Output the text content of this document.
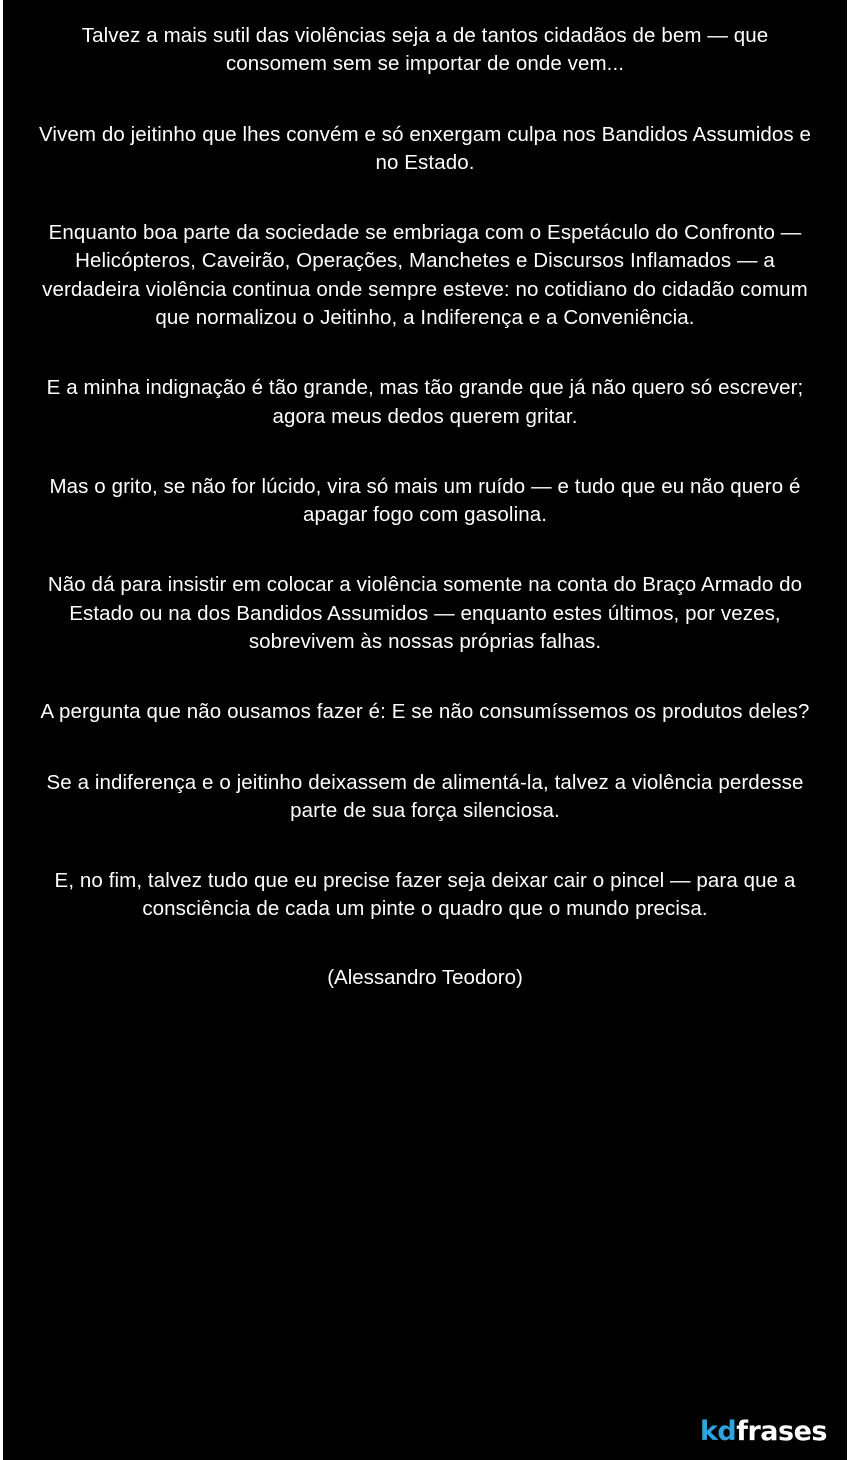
Talvez a mais sutil das violências seja a de tantos cidadãos de bem — que consomem sem se importar de onde vem...

Vivem do jeitinho que lhes convém e só enxergam culpa nos Bandidos Assumidos e no Estado.

Enquanto boa parte da sociedade se embriaga com o Espetáculo do Confronto — Helicópteros, Caveirão, Operações, Manchetes e Discursos Inflamados — a verdadeira violência continua onde sempre esteve: no cotidiano do cidadão comum que normalizou o Jeitinho, a Indiferença e a Conveniência.

E a minha indignação é tão grande, mas tão grande que já não quero só escrever; agora meus dedos querem gritar.

Mas o grito, se não for lúcido, vira só mais um ruído — e tudo que eu não quero é apagar fogo com gasolina.

Não dá para insistir em colocar a violência somente na conta do Braço Armado do Estado ou na dos Bandidos Assumidos — enquanto estes últimos, por vezes, sobrevivem às nossas próprias falhas.

A pergunta que não ousamos fazer é: E se não consumíssemos os produtos deles?

Se a indiferença e o jeitinho deixassem de alimentá-la, talvez a violência perdesse parte de sua força silenciosa.

E, no fim, talvez tudo que eu precise fazer seja deixar cair o pincel — para que a consciência de cada um pinte o quadro que o mundo precisa.

(Alessandro Teodoro)

kd frases
